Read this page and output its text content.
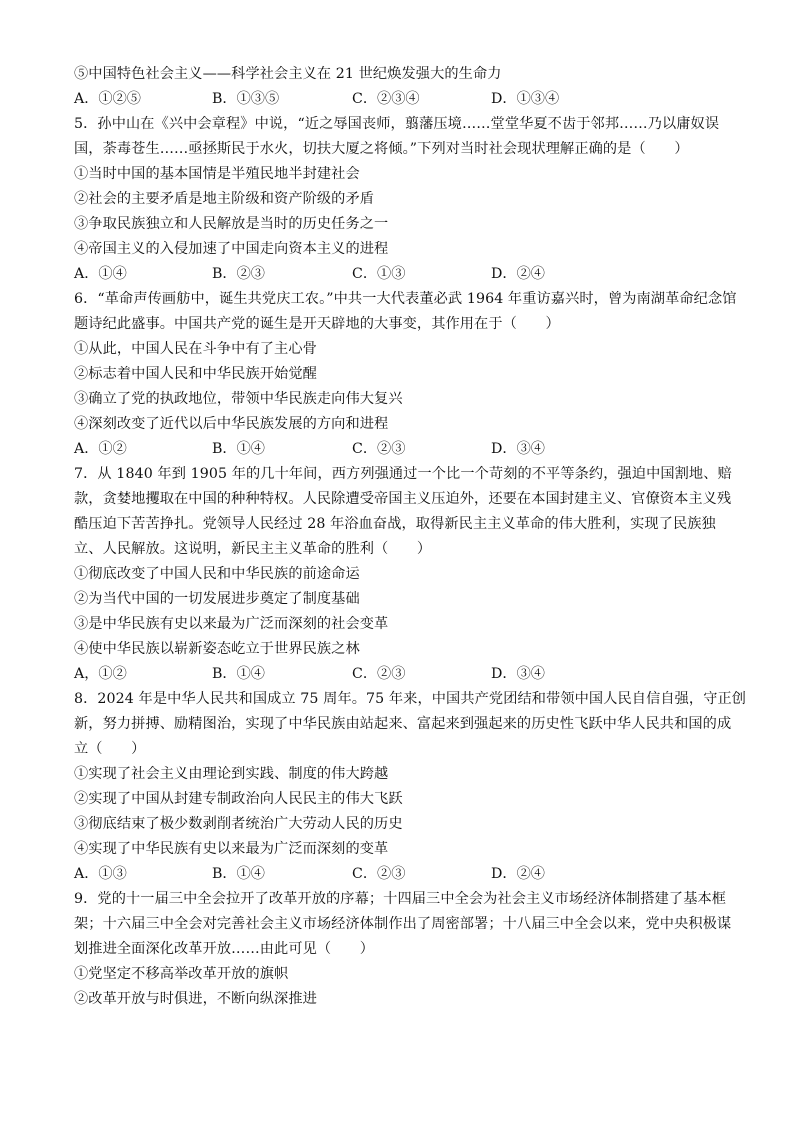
⑤中国特色社会主义——科学社会主义在 21 世纪焕发强大的生命力
A．①②⑤	B．①③⑤	C．②③④	D．①③④
5．孙中山在《兴中会章程》中说，“近之辱国丧师，翦藩压境……堂堂华夏不齿于邻邦……乃以庸奴误
国，荼毒苍生……亟拯斯民于水火，切扶大厦之将倾。”下列对当时社会现状理解正确的是（　　）
①当时中国的基本国情是半殖民地半封建社会
②社会的主要矛盾是地主阶级和资产阶级的矛盾
③争取民族独立和人民解放是当时的历史任务之一
④帝国主义的入侵加速了中国走向资本主义的进程
A．①④	B．②③	C．①③	D．②④
6．“革命声传画舫中，诞生共党庆工农。”中共一大代表董必武 1964 年重访嘉兴时，曾为南湖革命纪念馆
题诗纪此盛事。中国共产党的诞生是开天辟地的大事变，其作用在于（　　）
①从此，中国人民在斗争中有了主心骨
②标志着中国人民和中华民族开始觉醒
③确立了党的执政地位，带领中华民族走向伟大复兴
④深刻改变了近代以后中华民族发展的方向和进程
A．①②	B．①④	C．②③	D．③④
7．从 1840 年到 1905 年的几十年间，西方列强通过一个比一个苛刻的不平等条约，强迫中国割地、赔
款，贪婪地攫取在中国的种种特权。人民除遭受帝国主义压迫外，还要在本国封建主义、官僚资本主义残
酷压迫下苦苦挣扎。党领导人民经过 28 年浴血奋战，取得新民主主义革命的伟大胜利，实现了民族独
立、人民解放。这说明，新民主主义革命的胜利（　　）
①彻底改变了中国人民和中华民族的前途命运
②为当代中国的一切发展进步奠定了制度基础
③是中华民族有史以来最为广泛而深刻的社会变革
④使中华民族以崭新姿态屹立于世界民族之林
A，①②	B．①④	C．②③	D．③④
8．2024 年是中华人民共和国成立 75 周年。75 年来，中国共产党团结和带领中国人民自信自强，守正创
新，努力拼搏、励精图治，实现了中华民族由站起来、富起来到强起来的历史性飞跃中华人民共和国的成
立（　　）
①实现了社会主义由理论到实践、制度的伟大跨越
②实现了中国从封建专制政治向人民民主的伟大飞跃
③彻底结束了极少数剥削者统治广大劳动人民的历史
④实现了中华民族有史以来最为广泛而深刻的变革
A．①③	B．①④	C．②③	D．②④
9．党的十一届三中全会拉开了改革开放的序幕；十四届三中全会为社会主义市场经济体制搭建了基本框
架；十六届三中全会对完善社会主义市场经济体制作出了周密部署；十八届三中全会以来，党中央积极谋
划推进全面深化改革开放……由此可见（　　）
①党坚定不移高举改革开放的旗帜
②改革开放与时俱进，不断向纵深推进
